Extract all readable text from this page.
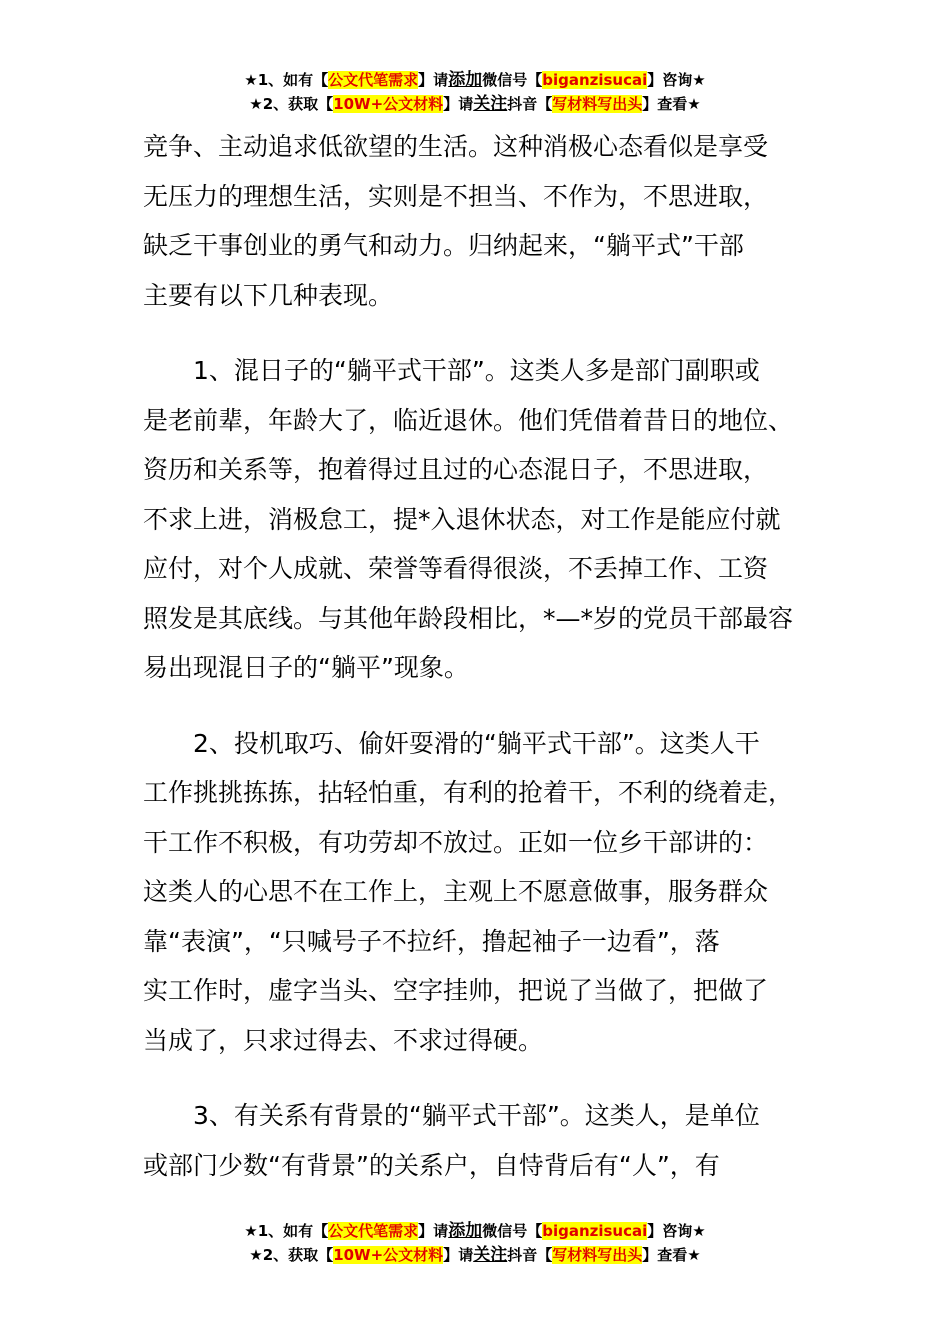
★1、如有【公文代笔需求】请添加微信号【biganzisucai】咨询★
★2、获取【10W+公文材料】请关注抖音【写材料写出头】查看★
竞争、主动追求低欲望的生活。这种消极心态看似是享受
无压力的理想生活，实则是不担当、不作为，不思进取，
缺乏干事创业的勇气和动力。归纳起来，“躺平式”干部
主要有以下几种表现。
　　1、混日子的“躺平式干部”。这类人多是部门副职或
是老前辈，年龄大了，临近退休。他们凭借着昔日的地位、
资历和关系等，抱着得过且过的心态混日子，不思进取，
不求上进，消极怠工，提*入退休状态，对工作是能应付就
应付，对个人成就、荣誉等看得很淡，不丢掉工作、工资
照发是其底线。与其他年龄段相比，*—*岁的党员干部最容
易出现混日子的“躺平”现象。
　　2、投机取巧、偷奸耍滑的“躺平式干部”。这类人干
工作挑挑拣拣，拈轻怕重，有利的抢着干，不利的绕着走，
干工作不积极，有功劳却不放过。正如一位乡干部讲的：
这类人的心思不在工作上，主观上不愿意做事，服务群众
靠“表演”，“只喊号子不拉纤，撸起袖子一边看”，落
实工作时，虚字当头、空字挂帅，把说了当做了，把做了
当成了，只求过得去、不求过得硬。
　　3、有关系有背景的“躺平式干部”。这类人，是单位
或部门少数“有背景”的关系户，自恃背后有“人”，有
★1、如有【公文代笔需求】请添加微信号【biganzisucai】咨询★
★2、获取【10W+公文材料】请关注抖音【写材料写出头】查看★
